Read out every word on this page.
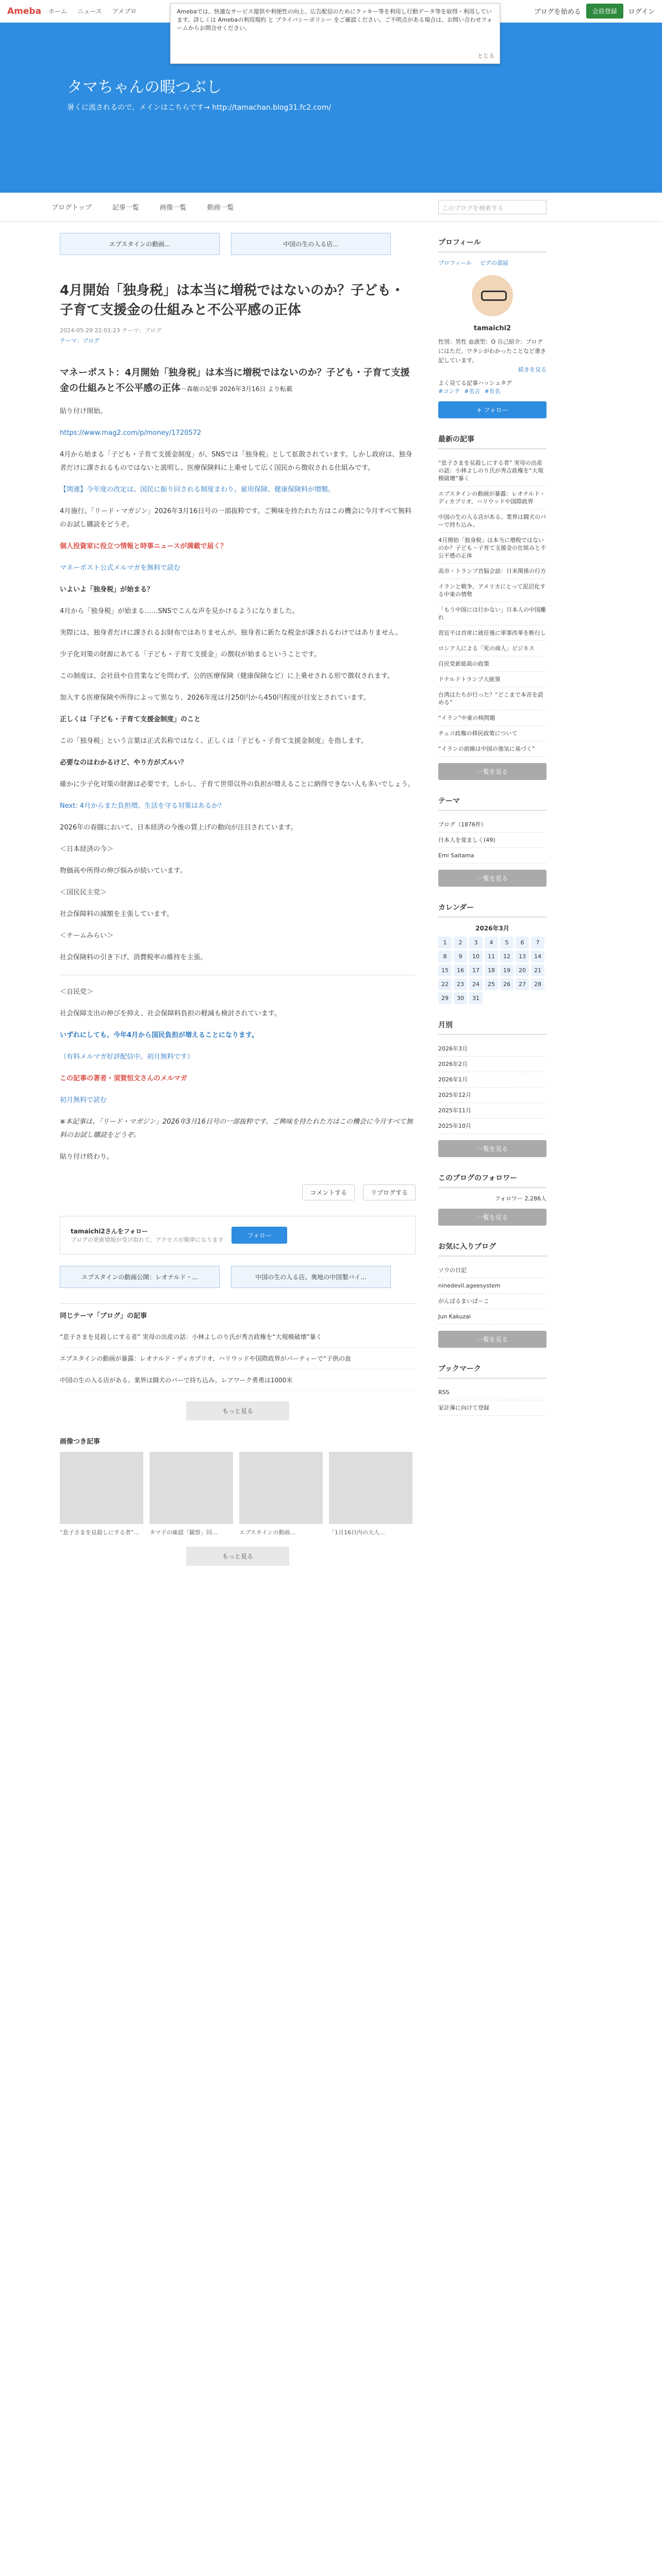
Ameba ホーム ニュース アメブロ	ブログを始める	会員登録	ログイン
Amebaでは、快適なサービス提供や利便性の向上、広告配信のためにクッキー等を利用し行動データ等を取得・利用しています。詳しくは Amebaの利用規約 と プライバシーポリシー をご確認ください。ご不明点がある場合は、お問い合わせフォームからお問合せください。
とじる
タマちゃんの暇つぶし

暑くに流されるので、メインはこちらです→ http://tamachan.blog31.fc2.com/

ブログトップ	記事一覧	画像一覧	動画一覧	このブログを検索する
エプスタインの動画...	中国の生の入る店...
4月開始「独身税」は本当に増税ではないのか？子ども・子育て支援金の仕組みと不公平感の正体
2024-05-29 22:01:23 テーマ：ブログ
テーマ：ブログ
マネーポスト：4月開始「独身税」は本当に増税ではないのか？子ども・子育て支援金の仕組みと不公平感の正体－森敏の記事 2026年3月16日 より転載

貼り付け開始。

https://www.mag2.com/p/money/1720572

4月から始まる「子ども・子育て支援金制度」が、SNSでは「独身税」として拡散されています。しかし政府は、独身者だけに課されるものではないと説明し、医療保険料に上乗せして広く国民から徴収される仕組みです。

【関連】今年度の改定は、国民に振り回される制度まわり。雇用保険、健康保険料が増額。

4月施行。「リード・マガジン」2026年3月16日号の一部抜粋です。ご興味を持たれた方はこの機会に今月すべて無料のお試し購読をどうぞ。

個人投資家に役立つ情報と時事ニュースが満載で届く？

マネーポスト公式メルマガを無料で読む

いよいよ「独身税」が始まる？

4月から「独身税」が始まる……SNSでこんな声を見かけるようになりました。

実際には、独身者だけに課されるお財布ではありませんが、独身者に新たな税金が課されるわけではありません。

少子化対策の財源にあてる「子ども・子育て支援金」の徴収が始まるということです。

この制度は、会社員や自営業などを問わず、公的医療保険（健康保険など）に上乗せされる形で徴収されます。

加入する医療保険や所得によって異なり、2026年度は月250円から450円程度が目安とされています。

正しくは「子ども・子育て支援金制度」のこと

この「独身税」という言葉は正式名称ではなく、正しくは「子ども・子育て支援金制度」を指します。

必要なのはわかるけど、やり方がズルい？

確かに少子化対策の財源は必要です。しかし、子育て世帯以外の負担が増えることに納得できない人も多いでしょう。

Next: 4月からまた負担増、生活を守る対策はあるか？

2026年の春闘において、日本経済の今後の賃上げの動向が注目されています。

＜日本経済の今＞

物価高や所得の伸び悩みが続いています。

＜国民民主党＞

社会保障料の減額を主張しています。

＜チームみらい＞

社会保険料の引き下げ、消費税率の維持を主張。

＜自民党＞

社会保障支出の伸びを抑え、社会保障料負担の軽減も検討されています。

いずれにしても、今年4月から国民負担が増えることになります。

（有料メルマガ好評配信中。初月無料です）

この記事の著者・須賀恒文さんのメルマガ

初月無料で読む

※本記事は、「リード・マガジン」2026年3月16日号の一部抜粋です。ご興味を持たれた方はこの機会に今月すべて無料のお試し購読をどうぞ。

貼り付け終わり。

コメントする	リブログする
tamaichi2さんをフォロー
ブログの更新情報が受け取れて、アクセスが簡単になります
フォロー
エプスタインの動画公開：レオナルド・...	中国の生の入る店、奥地の中国製バイ...
同じテーマ「ブログ」の記事
“息子さまを見殺しにする者” 実母の出産の話：小林よしのり氏が秀吉政権を“大規模破壊”暴く
エプスタインの動画が暴露：レオナルド・ディカプリオ、ハリウッドや国際政界がパーティーで“子供の血
中国の生の入る店がある。業界は闘犬のバーで持ち込み。レアワーク勇勇は1000米
もっと見る
画像つき記事
“息子さまを見殺しにする者”…	タマ子の確認「観察」回...	エプスタインの動画...	「1月16日内の大人...
もっと見る
プロフィール
プロフィール ピグの部屋
tamaichi2
性別：男性 血液型：O 自己紹介：ブログにはただ、ワタシがわかったことなど書き記しています。
続きを見る
よく見てる記事ハッシュタグ
#コンテ #名言 #有名
+ フォロー
最新の記事
“息子さまを見殺しにする者” 実母の出産の話：小林よしのり氏が秀吉政権を“大規模破壊”暴く
エプスタインの動画が暴露：レオナルド・ディカプリオ、ハリウッドや国際政界
中国の生の入る店がある。業界は闘犬のバーで持ち込み。
4月開始「独身税」は本当に増税ではないのか？子ども・子育て支援金の仕組みと不公平感の正体
高市・トランプ首脳会談：日米関係の行方
イランと戦争、アメリカにとって泥沼化する中東の情勢
「もう中国には行かない」日本人の中国離れ
習近平は首席に就任後に軍事改革を断行し
ロシア人による「死の商人」ビジネス
自民党新総裁の政策
ドナルドトランプ大統領
台湾はたちが行った？“どこまで本音を読める”
“イラン”中東の核問題
チェコ政権の移民政策について
“イランの前線は中国の強気に基づく”
一覧を見る
テーマ
ブログ（1876件）
日本人を覚ましく(49)
Emi Saitama
一覧を見る
カレンダー
2026年3月
1	2	3	4	5	6	7
8	9	10	11	12	13	14
15	16	17	18	19	20	21
22	23	24	25	26	27	28
29	30	31
月別
2026年3月
2026年2月
2026年1月
2025年12月
2025年11月
2025年10月
一覧を見る
このブログのフォロワー
フォロワー 2,286人
一覧を見る
お気に入りブログ
ソウの日記
ninedevil.ageesystem
がんばるまいばーこ
Jun Kakuzai
一覧を見る
ブックマーク
RSS
家計簿に向けて登録
